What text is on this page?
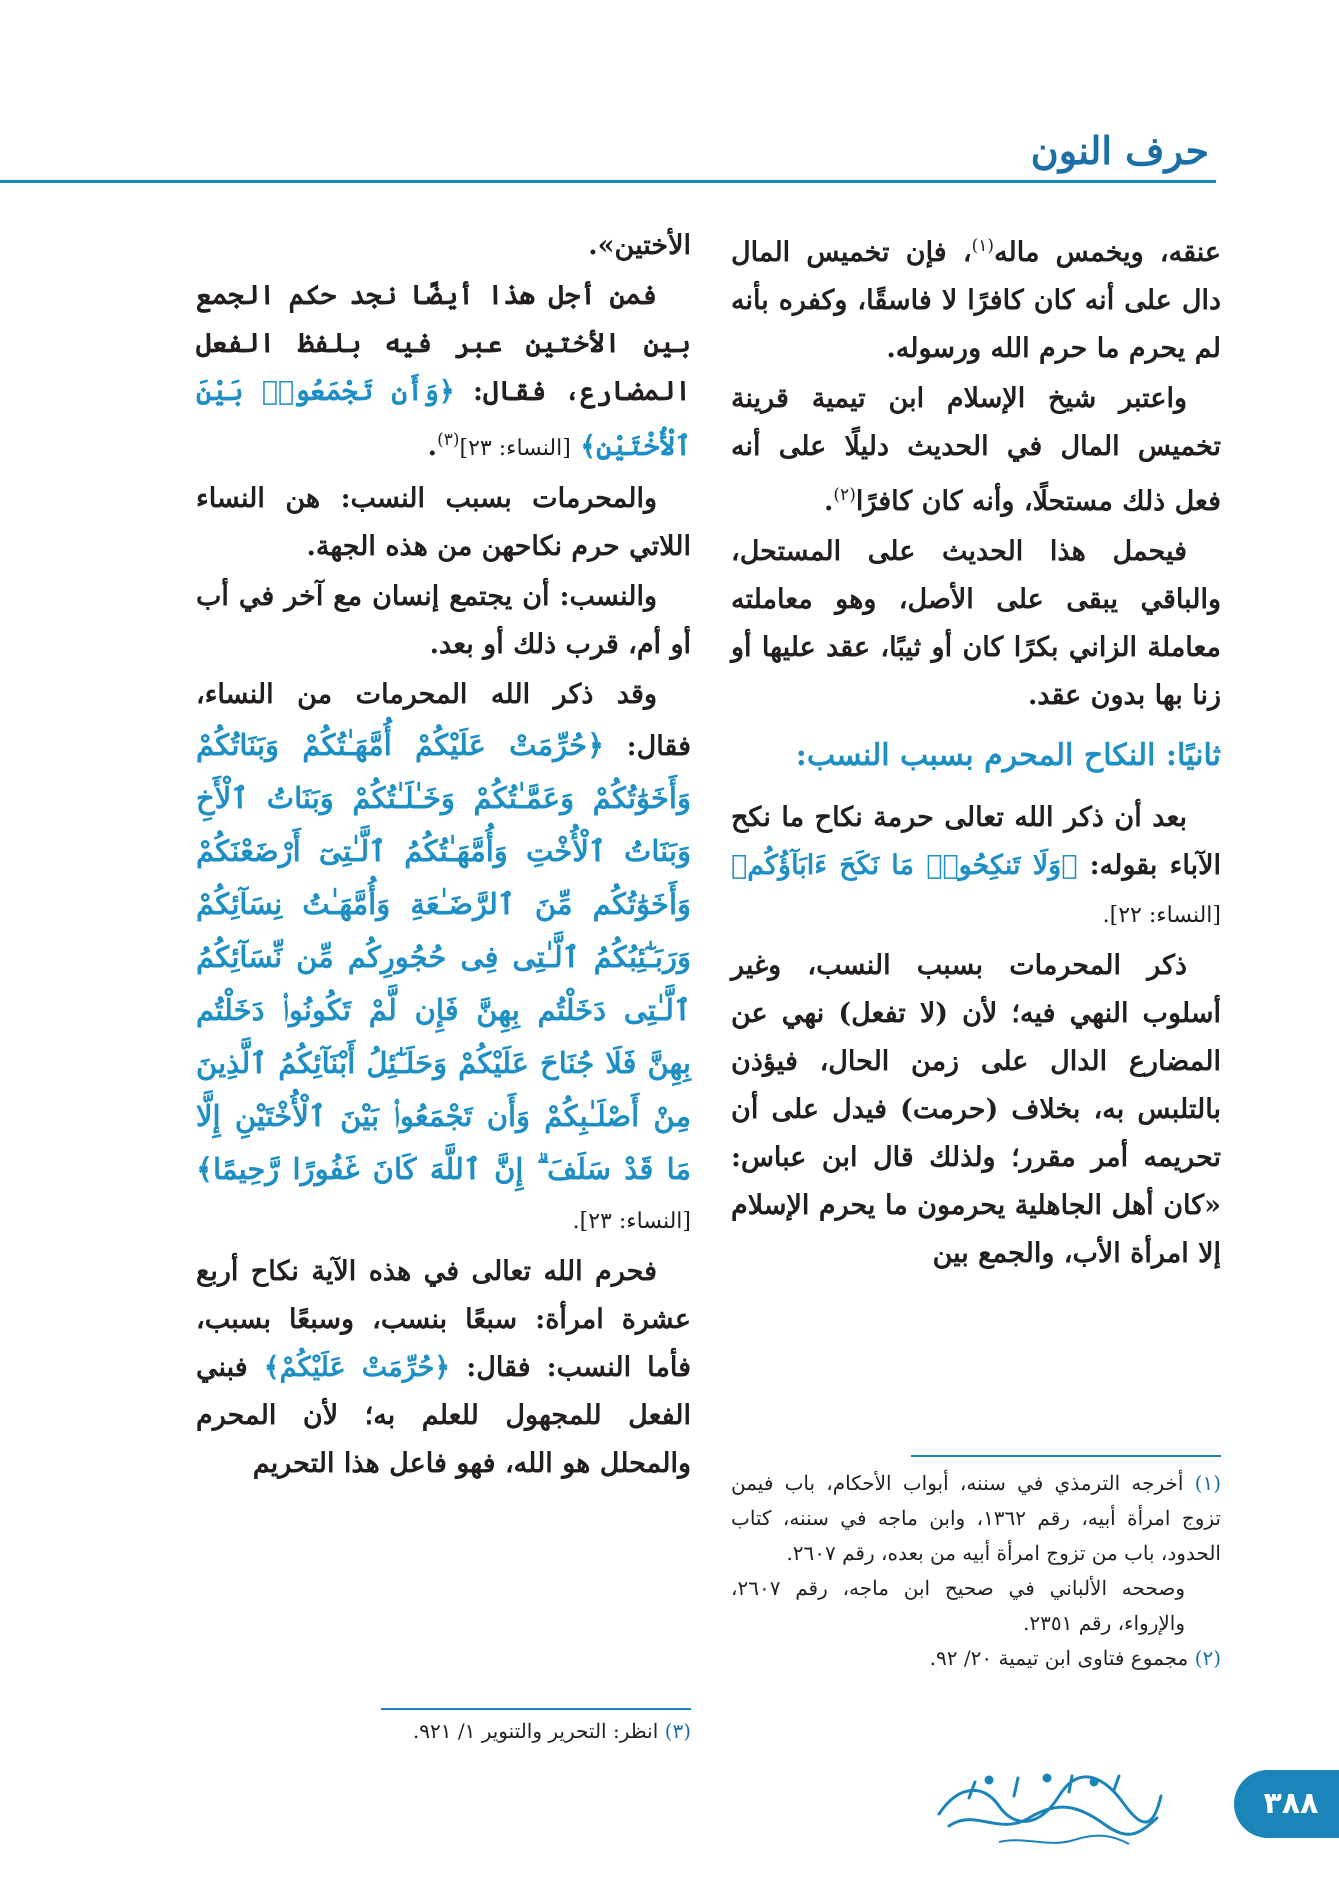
حرف النون

عنقه، ويخمس ماله$^{(١)}$، فإن تخميس المال دال على أنه كان كافرًا لا فاسقًا، وكفره بأنه لم يحرم ما حرم الله ورسوله.

واعتبر شيخ الإسلام ابن تيمية قرينة تخميس المال في الحديث دليلًا على أنه فعل ذلك مستحلًا، وأنه كان كافرًا$^{(٢)}$.

فيحمل هذا الحديث على المستحل، والباقي يبقى على الأصل، وهو معاملته معاملة الزاني بكرًا كان أو ثيبًا، عقد عليها أو زنا بها بدون عقد.

ثانيًا: النكاح المحرم بسبب النسب:

بعد أن ذكر الله تعالى حرمة نكاح ما نكح الآباء بقوله: ﴿وَلَا تَنكِحُوا۟ مَا نَكَحَ ءَابَآؤُكُم﴾ [النساء: ٢٢].

ذكر المحرمات بسبب النسب، وغير أسلوب النهي فيه؛ لأن (لا تفعل) نهي عن المضارع الدال على زمن الحال، فيؤذن بالتلبس به، بخلاف (حرمت) فيدل على أن تحريمه أمر مقرر؛ ولذلك قال ابن عباس: «كان أهل الجاهلية يحرمون ما يحرم الإسلام إلا امرأة الأب، والجمع بين

الأختين».

فمن أجل هذا أيضًا نجد حكم الجمع بين الأختين عبر فيه بلفظ الفعل المضارع، فقال: ﴿وَأَن تَجْمَعُوا۟ بَيْنَ ٱلْأُخْتَيْنِ﴾ [النساء: ٢٣]$^{(٣)}$.

والمحرمات بسبب النسب: هن النساء اللاتي حرم نكاحهن من هذه الجهة.

والنسب: أن يجتمع إنسان مع آخر في أب أو أم، قرب ذلك أو بعد.

وقد ذكر الله المحرمات من النساء، فقال: ﴿حُرِّمَتْ عَلَيْكُمْ أُمَّهَـٰتُكُمْ وَبَنَاتُكُمْ وَأَخَوَٰتُكُمْ وَعَمَّـٰتُكُمْ وَخَـٰلَـٰتُكُمْ وَبَنَاتُ ٱلْأَخِ وَبَنَاتُ ٱلْأُخْتِ وَأُمَّهَـٰتُكُمُ ٱلَّـٰتِىٓ أَرْضَعْنَكُمْ وَأَخَوَٰتُكُم مِّنَ ٱلرَّضَـٰعَةِ وَأُمَّهَـٰتُ نِسَآئِكُمْ وَرَبَـٰٓئِبُكُمُ ٱلَّـٰتِى فِى حُجُورِكُم مِّن نِّسَآئِكُمُ ٱلَّـٰتِى دَخَلْتُم بِهِنَّ فَإِن لَّمْ تَكُونُوا۟ دَخَلْتُم بِهِنَّ فَلَا جُنَاحَ عَلَيْكُمْ وَحَلَـٰٓئِلُ أَبْنَآئِكُمُ ٱلَّذِينَ مِنْ أَصْلَـٰبِكُمْ وَأَن تَجْمَعُوا۟ بَيْنَ ٱلْأُخْتَيْنِ إِلَّا مَا قَدْ سَلَفَ ۗ إِنَّ ٱللَّهَ كَانَ غَفُورًا رَّحِيمًا﴾ [النساء: ٢٣].

فحرم الله تعالى في هذه الآية نكاح أربع عشرة امرأة: سبعًا بنسب، وسبعًا بسبب، فأما النسب: فقال: ﴿حُرِّمَتْ عَلَيْكُمْ﴾ فبني الفعل للمجهول للعلم به؛ لأن المحرم والمحلل هو الله، فهو فاعل هذا التحريم

(١) أخرجه الترمذي في سننه، أبواب الأحكام، باب فيمن تزوج امرأة أبيه، رقم ١٣٦٢، وابن ماجه في سننه، كتاب الحدود، باب من تزوج امرأة أبيه من بعده، رقم ٢٦٠٧.

وصححه الألباني في صحيح ابن ماجه، رقم ٢٦٠٧، والإرواء، رقم ٢٣٥١.

(٢) مجموع فتاوى ابن تيمية ٢٠/ ٩٢.

(٣) انظر: التحرير والتنوير ١/ ٩٢١.

٣٨٨
